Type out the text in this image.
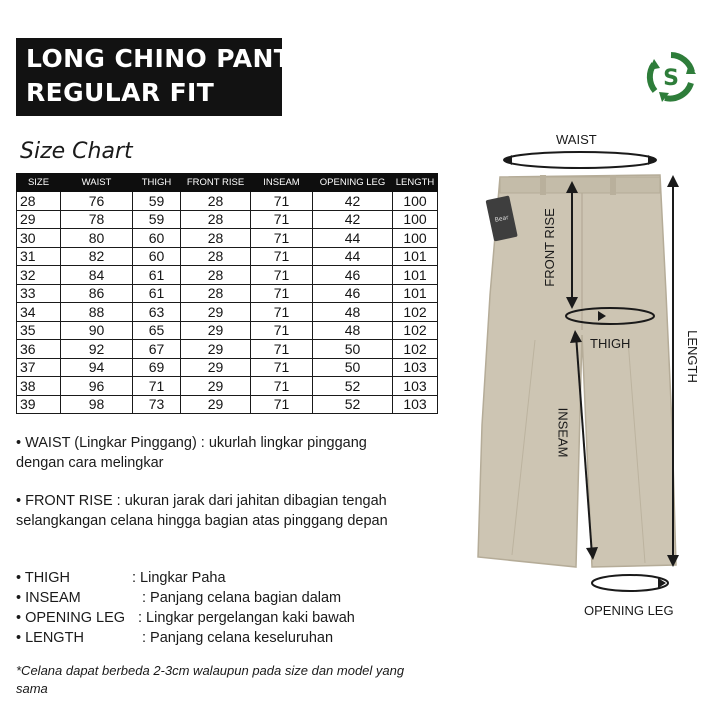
LONG CHINO PANTS
REGULAR FIT	S
Size Chart
SIZE	WAIST	THIGH	FRONT RISE	INSEAM	OPENING LEG	LENGTH
28	76	59	28	71	42	100
29	78	59	28	71	42	100
30	80	60	28	71	44	100
31	82	60	28	71	44	101
32	84	61	28	71	46	101
33	86	61	28	71	46	101
34	88	63	29	71	48	102
35	90	65	29	71	48	102
36	92	67	29	71	50	102
37	94	69	29	71	50	103
38	96	71	29	71	52	103
39	98	73	29	71	52	103
• WAIST (Lingkar Pinggang) : ukurlah lingkar pinggang dengan cara melingkar
• FRONT RISE : ukuran jarak dari jahitan dibagian tengah selangkangan celana hingga bagian atas pinggang depan
• THIGH	: Lingkar Paha
• INSEAM	: Panjang celana bagian dalam
• OPENING LEG : Lingkar pergelangan kaki bawah
• LENGTH	: Panjang celana keseluruhan
*Celana dapat berbeda 2-3cm walaupun pada size dan model yang sama
Bear
WAIST
FRONT RISE
THIGH
INSEAM
LENGTH
OPENING LEG
